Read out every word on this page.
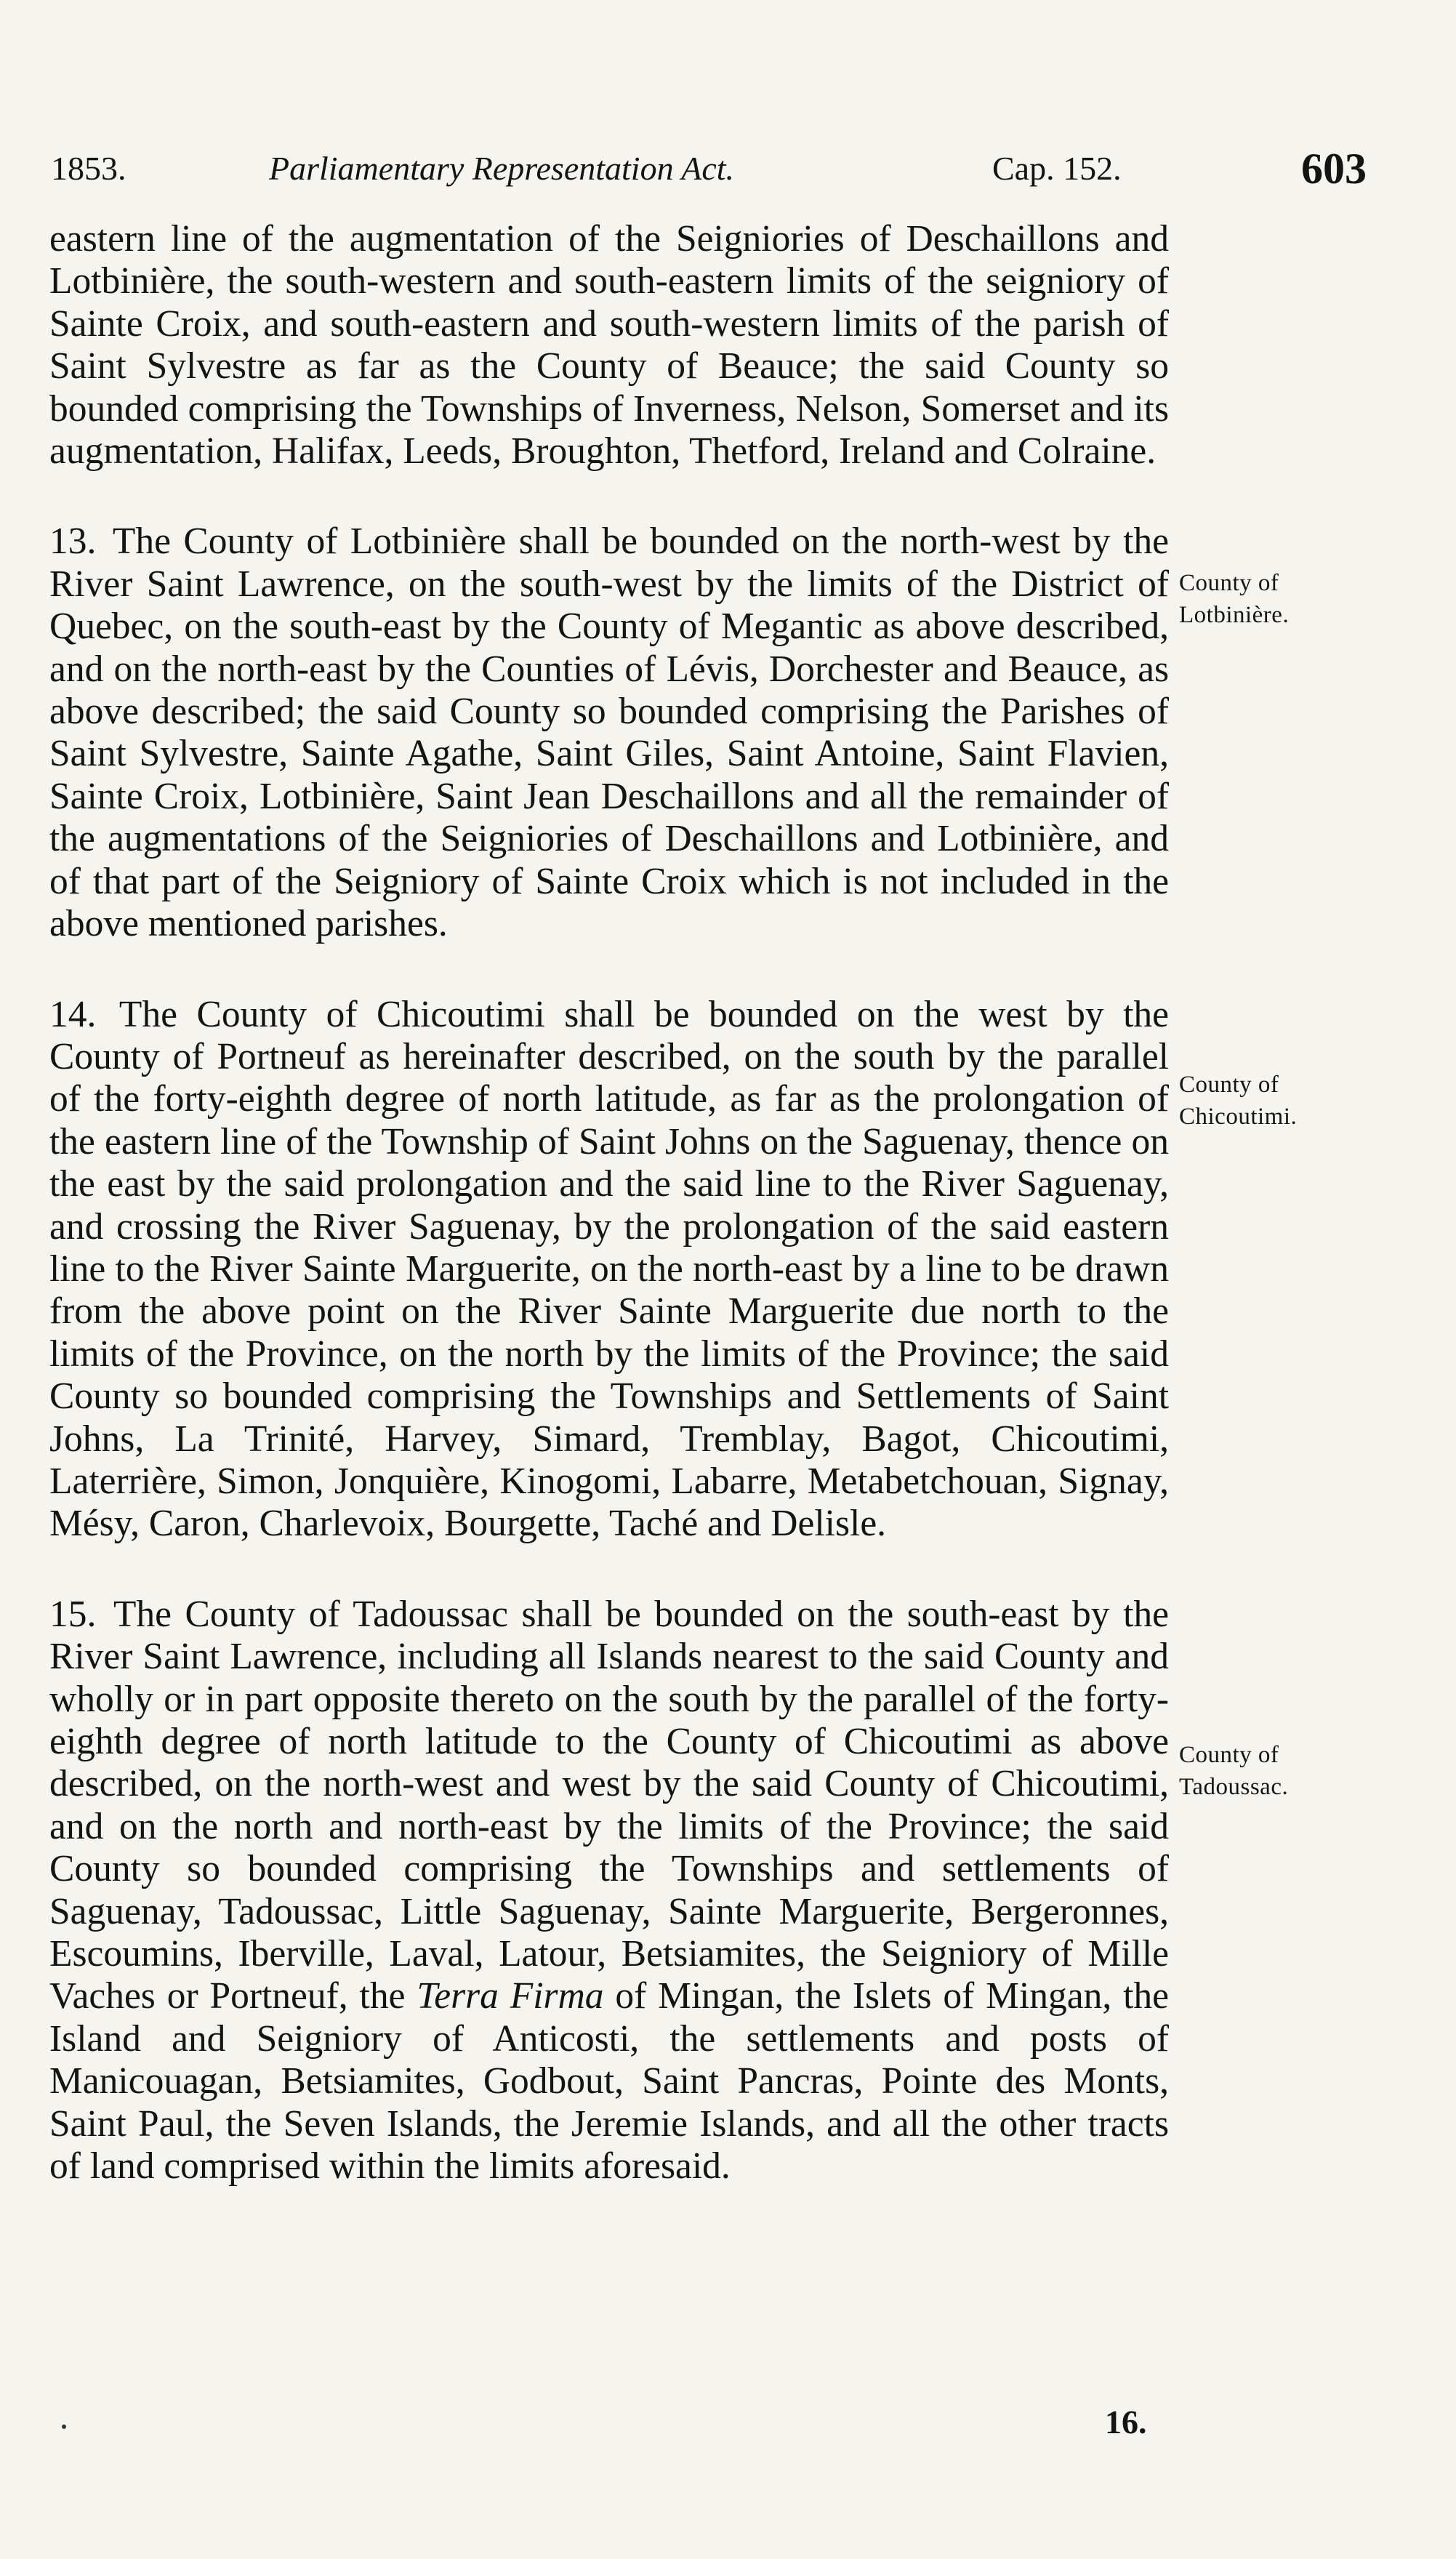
1853.	Parliamentary Representation Act.	Cap. 152.	603

eastern line of the augmentation of the Seigniories of Deschaillons and Lotbinière, the south-western and south-eastern limits of the seigniory of Sainte Croix, and south-eastern and south-western limits of the parish of Saint Sylvestre as far as the County of Beauce; the said County so bounded comprising the Townships of Inverness, Nelson, Somerset and its augmentation, Halifax, Leeds, Broughton, Thetford, Ireland and Colraine.

13. The County of Lotbinière shall be bounded on the north-west by the River Saint Lawrence, on the south-west by the limits of the District of Quebec, on the south-east by the County of Megantic as above described, and on the north-east by the Counties of Lévis, Dorchester and Beauce, as above described; the said County so bounded comprising the Parishes of Saint Sylvestre, Sainte Agathe, Saint Giles, Saint Antoine, Saint Flavien, Sainte Croix, Lotbinière, Saint Jean Deschaillons and all the remainder of the augmentations of the Seigniories of Deschaillons and Lotbinière, and of that part of the Seigniory of Sainte Croix which is not included in the above mentioned parishes.

14. The County of Chicoutimi shall be bounded on the west by the County of Portneuf as hereinafter described, on the south by the parallel of the forty-eighth degree of north latitude, as far as the prolongation of the eastern line of the Township of Saint Johns on the Saguenay, thence on the east by the said prolongation and the said line to the River Saguenay, and crossing the River Saguenay, by the prolongation of the said eastern line to the River Sainte Marguerite, on the north-east by a line to be drawn from the above point on the River Sainte Marguerite due north to the limits of the Province, on the north by the limits of the Province; the said County so bounded comprising the Townships and Settlements of Saint Johns, La Trinité, Harvey, Simard, Tremblay, Bagot, Chicoutimi, Laterrière, Simon, Jonquière, Kinogomi, Labarre, Metabetchouan, Signay, Mésy, Caron, Charlevoix, Bourgette, Taché and Delisle.

15. The County of Tadoussac shall be bounded on the south-east by the River Saint Lawrence, including all Islands nearest to the said County and wholly or in part opposite thereto on the south by the parallel of the forty-eighth degree of north latitude to the County of Chicoutimi as above described, on the north-west and west by the said County of Chicoutimi, and on the north and north-east by the limits of the Province; the said County so bounded comprising the Townships and settlements of Saguenay, Tadoussac, Little Saguenay, Sainte Marguerite, Bergeronnes, Escoumins, Iberville, Laval, Latour, Betsiamites, the Seigniory of Mille Vaches or Portneuf, the Terra Firma of Mingan, the Islets of Mingan, the Island and Seigniory of Anticosti, the settlements and posts of Manicouagan, Betsiamites, Godbout, Saint Pancras, Pointe des Monts, Saint Paul, the Seven Islands, the Jeremie Islands, and all the other tracts of land comprised within the limits aforesaid.

County of
Lotbinière.
County of
Chicoutimi.
County of
Tadoussac.
16.
